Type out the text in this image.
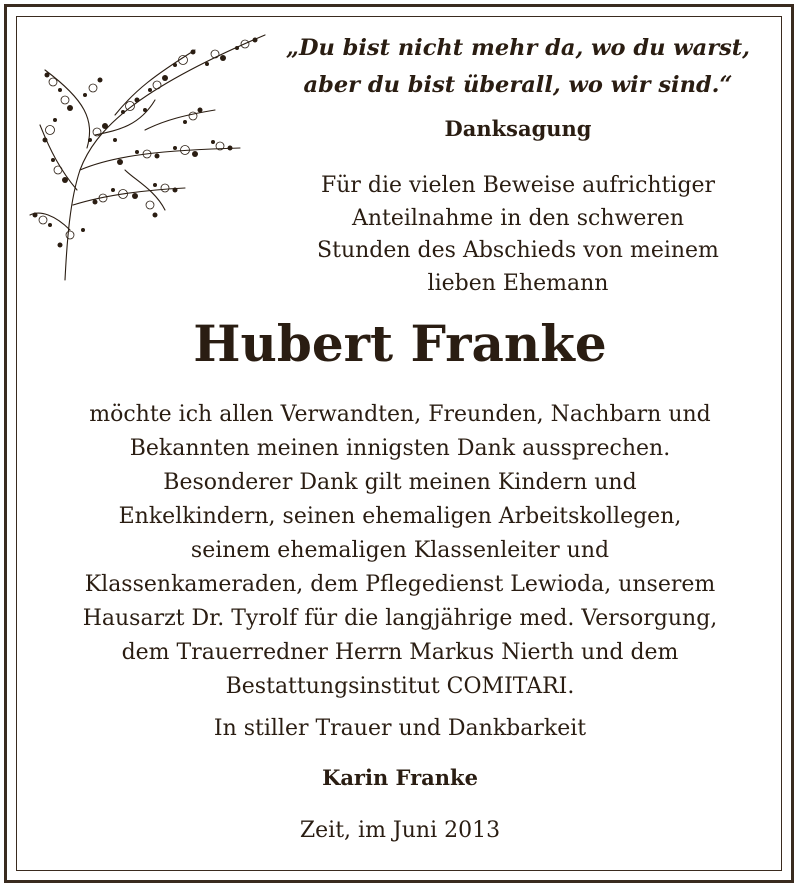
„Du bist nicht mehr da, wo du warst,
aber du bist überall, wo wir sind.“
Danksagung
Für die vielen Beweise aufrichtiger
Anteilnahme in den schweren
Stunden des Abschieds von meinem
lieben Ehemann
Hubert Franke
möchte ich allen Verwandten, Freunden, Nachbarn und
Bekannten meinen innigsten Dank aussprechen.
Besonderer Dank gilt meinen Kindern und
Enkelkindern, seinen ehemaligen Arbeitskollegen,
seinem ehemaligen Klassenleiter und
Klassenkameraden, dem Pflegedienst Lewioda, unserem
Hausarzt Dr. Tyrolf für die langjährige med. Versorgung,
dem Trauerredner Herrn Markus Nierth und dem
Bestattungsinstitut COMITARI.
In stiller Trauer und Dankbarkeit
Karin Franke
Zeit, im Juni 2013
